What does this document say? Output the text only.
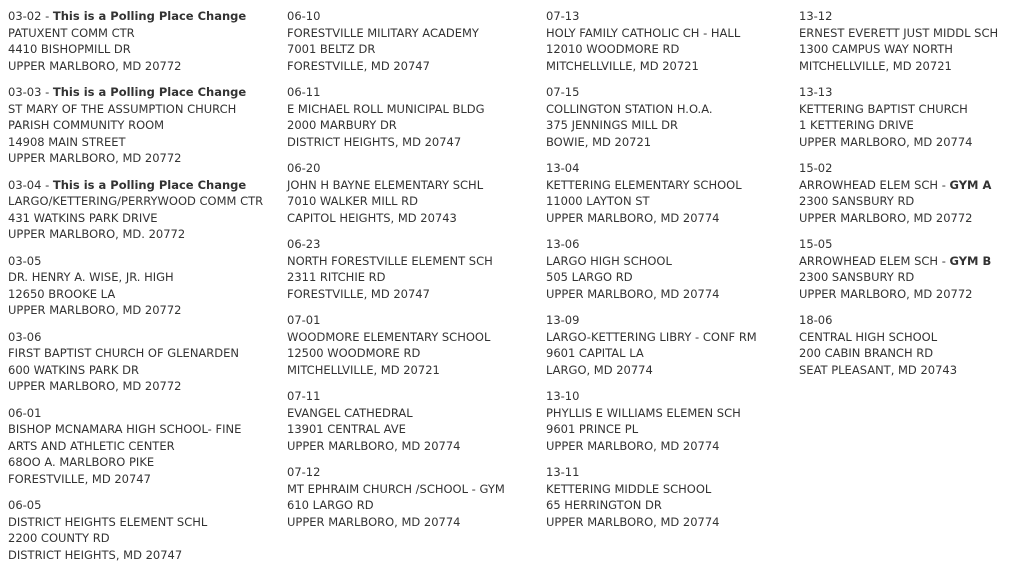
03-02 - This is a Polling Place Change
PATUXENT COMM CTR
4410 BISHOPMILL DR
UPPER MARLBORO, MD 20772
03-03 - This is a Polling Place Change
ST MARY OF THE ASSUMPTION CHURCH
PARISH COMMUNITY ROOM
14908 MAIN STREET
UPPER MARLBORO, MD 20772
03-04 - This is a Polling Place Change
LARGO/KETTERING/PERRYWOOD COMM CTR
431 WATKINS PARK DRIVE
UPPER MARLBORO, MD. 20772
03-05
DR. HENRY A. WISE, JR. HIGH
12650 BROOKE LA
UPPER MARLBORO, MD 20772
03-06
FIRST BAPTIST CHURCH OF GLENARDEN
600 WATKINS PARK DR
UPPER MARLBORO, MD 20772
06-01
BISHOP MCNAMARA HIGH SCHOOL- FINE
ARTS AND ATHLETIC CENTER
68OO A. MARLBORO PIKE
FORESTVILLE, MD 20747
06-05
DISTRICT HEIGHTS ELEMENT SCHL
2200 COUNTY RD
DISTRICT HEIGHTS, MD 20747
06-10
FORESTVILLE MILITARY ACADEMY
7001 BELTZ DR
FORESTVILLE, MD 20747
06-11
E MICHAEL ROLL MUNICIPAL BLDG
2000 MARBURY DR
DISTRICT HEIGHTS, MD 20747
06-20
JOHN H BAYNE ELEMENTARY SCHL
7010 WALKER MILL RD
CAPITOL HEIGHTS, MD 20743
06-23
NORTH FORESTVILLE ELEMENT SCH
2311 RITCHIE RD
FORESTVILLE, MD 20747
07-01
WOODMORE ELEMENTARY SCHOOL
12500 WOODMORE RD
MITCHELLVILLE, MD 20721
07-11
EVANGEL CATHEDRAL
13901 CENTRAL AVE
UPPER MARLBORO, MD 20774
07-12
MT EPHRAIM CHURCH /SCHOOL - GYM
610 LARGO RD
UPPER MARLBORO, MD 20774
07-13
HOLY FAMILY CATHOLIC CH - HALL
12010 WOODMORE RD
MITCHELLVILLE, MD 20721
07-15
COLLINGTON STATION H.O.A.
375 JENNINGS MILL DR
BOWIE, MD 20721
13-04
KETTERING ELEMENTARY SCHOOL
11000 LAYTON ST
UPPER MARLBORO, MD 20774
13-06
LARGO HIGH SCHOOL
505 LARGO RD
UPPER MARLBORO, MD 20774
13-09
LARGO-KETTERING LIBRY - CONF RM
9601 CAPITAL LA
LARGO, MD 20774
13-10
PHYLLIS E WILLIAMS ELEMEN SCH
9601 PRINCE PL
UPPER MARLBORO, MD 20774
13-11
KETTERING MIDDLE SCHOOL
65 HERRINGTON DR
UPPER MARLBORO, MD 20774
13-12
ERNEST EVERETT JUST MIDDL SCH
1300 CAMPUS WAY NORTH
MITCHELLVILLE, MD 20721
13-13
KETTERING BAPTIST CHURCH
1 KETTERING DRIVE
UPPER MARLBORO, MD 20774
15-02
ARROWHEAD ELEM SCH - GYM A
2300 SANSBURY RD
UPPER MARLBORO, MD 20772
15-05
ARROWHEAD ELEM SCH - GYM B
2300 SANSBURY RD
UPPER MARLBORO, MD 20772
18-06
CENTRAL HIGH SCHOOL
200 CABIN BRANCH RD
SEAT PLEASANT, MD 20743
